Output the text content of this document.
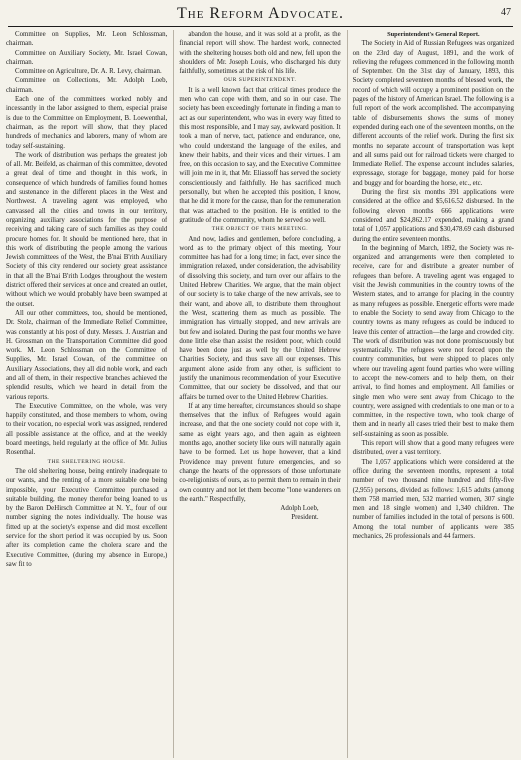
The Reform Advocate.	47

Committee on Supplies, Mr. Leon Schlossman, chairman.

Committee on Auxiliary Society, Mr. Israel Cowan, chairman.

Committee on Agriculture, Dr. A. R. Levy, chairman.

Committee on Collections, Mr. Adolph Loeb, chairman.

Each one of the committees worked nobly and incessantly in the labor assigned to them, especial praise is due to the Committee on Employment, B. Loewenthal, chairman, as the report will show, that they placed hundreds of mechanics and laborers, many of whom are today self-sustaining.

The work of distribution was perhaps the greatest job of all. Mr. Beifeld, as chairman of this committee, devoted a great deal of time and thought in this work, in consequence of which hundreds of families found homes and sustenance in the different places in the West and Northwest. A traveling agent was employed, who canvassed all the cities and towns in our territory, organizing auxiliary associations for the purpose of receiving and taking care of such families as they could procure homes for. It should be mentioned here, that in this work of distributing the people among the various Jewish committees of the West, the B'nai B'rith Auxiliary Society of this city rendered our society great assistance in that all the B'nai B'rith Lodges throughout the western district offered their services at once and created an outlet, without which we would probably have been swamped at the outset.

All our other committees, too, should be mentioned, Dr. Stolz, chairman of the Immediate Relief Committee, was constantly at his post of duty. Messrs. J. Austrian and H. Grossman on the Transportation Committee did good work. M. Leon Schlossman on the Committee of Supplies, Mr. Israel Cowan, of the committee on Auxiliary Associations, they all did noble work, and each and all of them, in their respective branches achieved the splendid results, which we heard in detail from the various reports.

The Executive Committee, on the whole, was very happily constituted, and those members to whom, owing to their vocation, no especial work was assigned, rendered all possible assistance at the office, and at the weekly board meetings, held regularly at the office of Mr. Julius Rosenthal.

THE SHELTERING HOUSE.

The old sheltering house, being entirely inadequate to our wants, and the renting of a more suitable one being impossible, your Executive Committee purchased a suitable building, the money therefor being loaned to us by the Baron DeHirsch Committee at N. Y., four of our number signing the notes individually. The house was fitted up at the society's expense and did most excellent service for the short period it was occupied by us. Soon after its completion came the cholera scare and the Executive Committee, (during my absence in Europe,) saw fit to

abandon the house, and it was sold at a profit, as the financial report will show. The hardest work, connected with the sheltering houses both old and new, fell upon the shoulders of Mr. Joseph Louis, who discharged his duty faithfully, sometimes at the risk of his life.

OUR SUPERINTENDENT.

It is a well known fact that critical times produce the men who can cope with them, and so in our case. The society has been exceedingly fortunate in finding a man to act as our superintendent, who was in every way fitted to this most responsible, and I may say, awkward position. It took a man of nerve, tact, patience and endurance, one, who could understand the language of the exiles, and knew their habits, and their vices and their virtues. I am free, on this occasion to say, and the Executive Committee will join me in it, that Mr. Eliassoff has served the society conscientiously and faithfully. He has sacrificed much personally, but when he accepted this position, I know, that he did it more for the cause, than for the remuneration that was attached to the position. He is entitled to the gratitude of the community, whom he served so well.

THE OBJECT OF THIS MEETING.

And now, ladies and gentlemen, before concluding, a word as to the primary object of this meeting. Your committee has had for a long time; in fact, ever since the immigration relaxed, under consideration, the advisability of dissolving this society, and turn over our affairs to the United Hebrew Charities. We argue, that the main object of our society is to take charge of the new arrivals, see to their want, and above all, to distribute them throughout the West, scattering them as much as possible. The immigration has virtually stopped, and new arrivals are but few and isolated. During the past four months we have done little else than assist the resident poor, which could have been done just as well by the United Hebrew Charities Society, and thus save all our expenses. This argument alone aside from any other, is sufficient to justify the unanimous recommendation of your Executive Committee, that our society be dissolved, and that our affairs be turned over to the United Hebrew Charities.

If at any time hereafter, circumstances should so shape themselves that the influx of Refugees would again increase, and that the one society could not cope with it, same as eight years ago, and then again as eighteen months ago, another society like ours will naturally again have to be formed. Let us hope however, that a kind Providence may prevent future emergencies, and so change the hearts of the oppressors of those unfortunate co-religionists of ours, as to permit them to remain in their own country and not let them become "lone wanderers on the earth." Respectfully,

Adolph Loeb,

President.

Superintendent's General Report.

The Society in Aid of Russian Refugees was organized on the 23rd day of August, 1891, and the work of relieving the refugees commenced in the following month of September. On the 31st day of January, 1893, this Society completed seventeen months of blessed work, the record of which will occupy a prominent position on the pages of the history of American Israel. The following is a full report of the work accomplished. The accompanying table of disbursements shows the sums of money expended during each one of the seventeen months, on the different accounts of the relief work. During the first six months no separate account of transportation was kept and all sums paid out for railroad tickets were charged to Immediate Relief. The expense account includes salaries, expressage, storage for baggage, money paid for horse and buggy and for boarding the horse, etc., etc.

During the first six months 391 applications were considered at the office and $5,616.52 disbursed. In the following eleven months 666 applications were considered and $24,862.17 expended, making a grand total of 1,057 applications and $30,478.69 cash disbursed during the entire seventeen months.

In the beginning of March, 1892, the Society was re-organized and arrangements were then completed to receive, care for and distribute a greater number of refugees than before. A traveling agent was engaged to visit the Jewish communities in the country towns of the Western states, and to arrange for placing in the country as many refugees as possible. Energetic efforts were made to enable the Society to send away from Chicago to the country towns as many refugees as could be induced to leave this center of attraction—the large and crowded city. The work of distribution was not done promiscuously but systematically. The refugees were not forced upon the country communities, but were shipped to places only where our traveling agent found parties who were willing to accept the new-comers and to help them, on their arrival, to find homes and employment. All families or single men who were sent away from Chicago to the country, were assigned with credentials to one man or to a committee, in the respective town, who took charge of them and in nearly all cases tried their best to make them self-sustaining as soon as possible.

This report will show that a good many refugees were distributed, over a vast territory.

The 1,057 applications which were considered at the office during the seventeen months, represent a total number of two thousand nine hundred and fifty-five (2,955) persons, divided as follows: 1,615 adults (among them 758 married men, 532 married women, 307 single men and 18 single women) and 1,340 children. The number of families included in the total of persons is 600. Among the total number of applicants were 385 mechanics, 26 professionals and 44 farmers.
